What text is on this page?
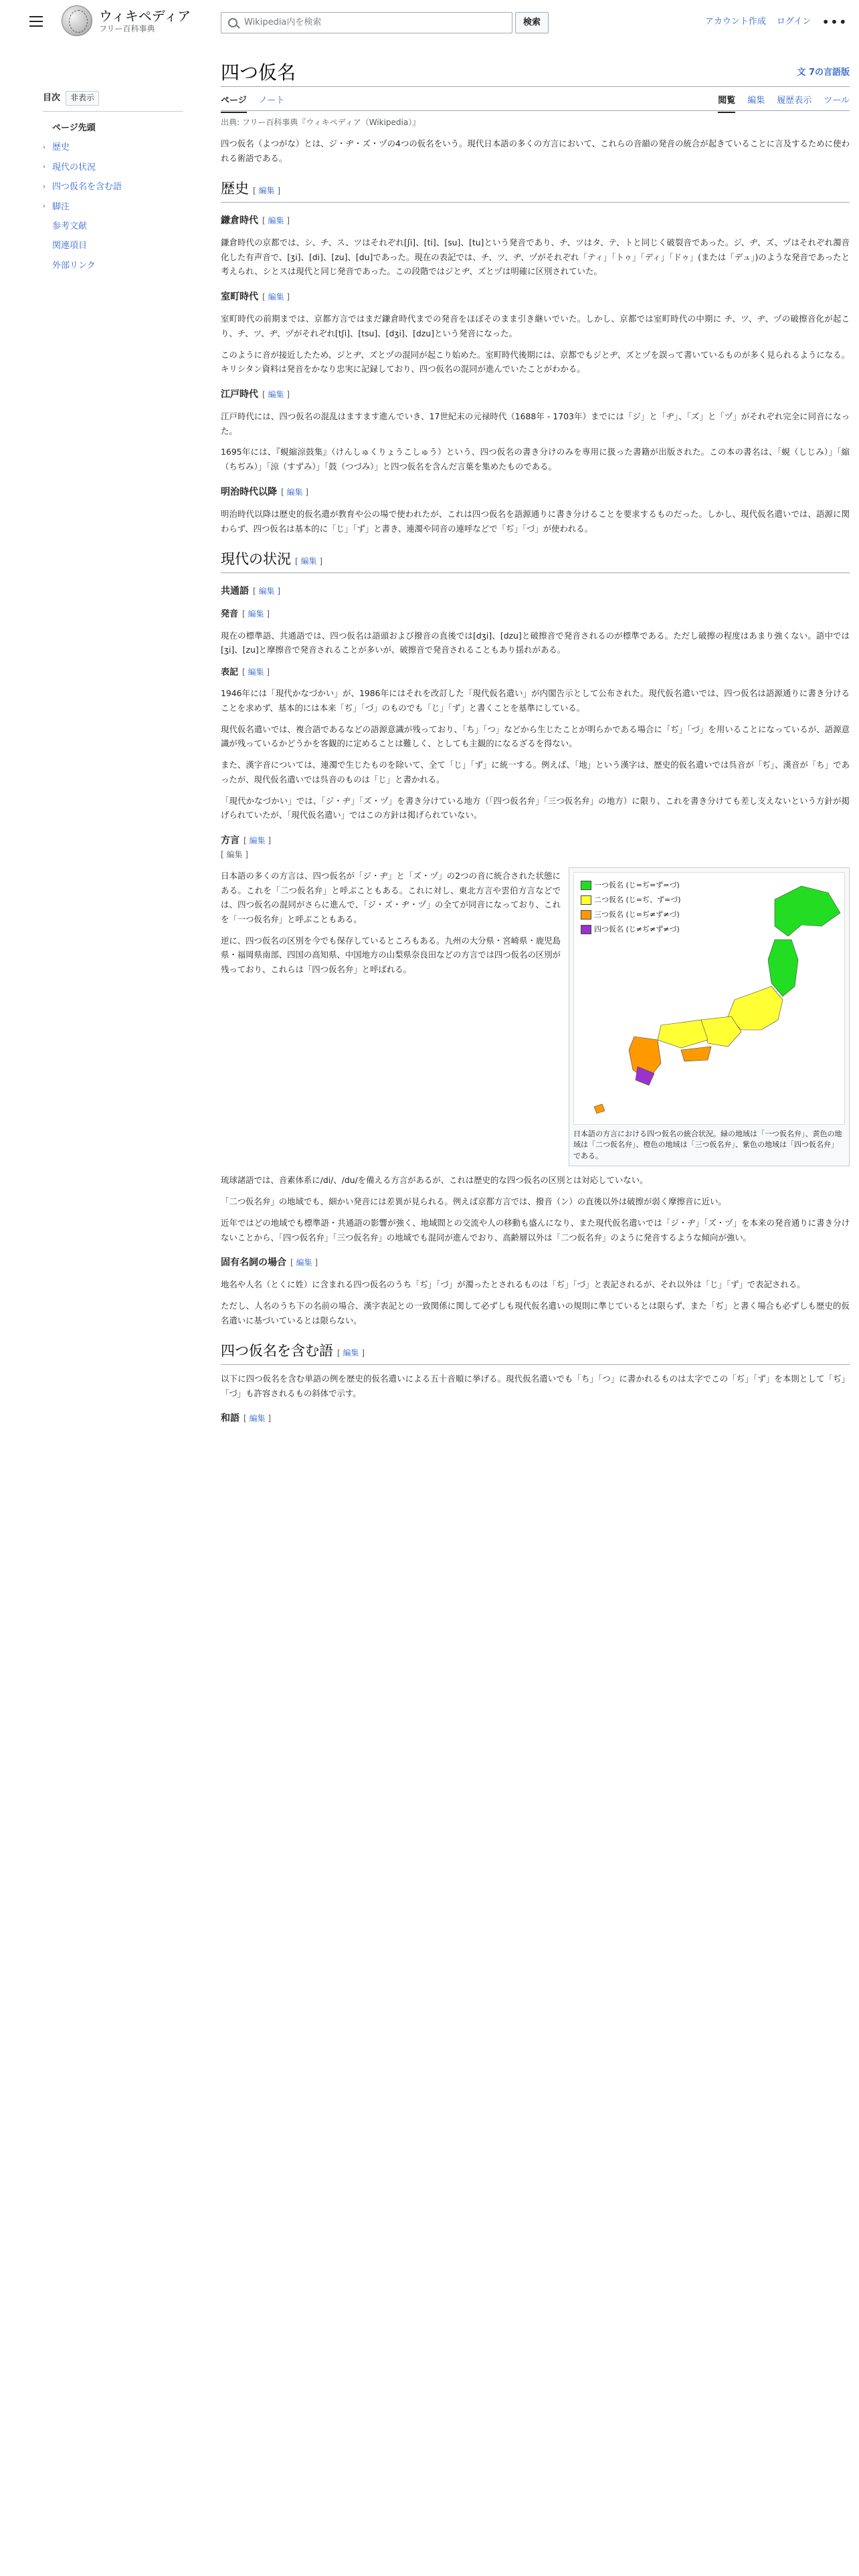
ウィキペディア
フリー百科事典
Wikipedia内を検索	検索	アカウント作成 ログイン •••
目次	非表示
ページ先頭
› 歴史
› 現代の状況
› 四つ仮名を含む語
› 脚注
参考文献
関連項目
外部リンク
四つ仮名	文 7の言語版
ページ ノート	閲覧 編集 履歴表示 ツール
出典: フリー百科事典『ウィキペディア（Wikipedia）』

四つ仮名（よつがな）とは、ジ・ヂ・ズ・ヅの4つの仮名をいう。現代日本語の多くの方言において、これらの音韻の発音の統合が起きていることに言及するために使われる術語である。

歴史 [ 編集 ]
鎌倉時代 [ 編集 ]

鎌倉時代の京都では、シ、チ、ス、ツはそれぞれ[ʃi]、[ti]、[su]、[tu]という発音であり、チ、ツはタ、テ、トと同じく破裂音であった。ジ、ヂ、ズ、ヅはそれぞれ濁音化した有声音で、[ʒi]、[di]、[zu]、[du]であった。現在の表記では、チ、ツ、ヂ、ヅがそれぞれ「ティ」「トゥ」「ディ」「ドゥ」(または「デュ」)のような発音であったと考えられ、シとスは現代と同じ発音であった。この段階ではジとヂ、ズとヅは明確に区別されていた。

室町時代 [ 編集 ]

室町時代の前期までは、京都方言ではまだ鎌倉時代までの発音をほぼそのまま引き継いでいた。しかし、京都では室町時代の中期に チ、ツ、ヂ、ヅの破擦音化が起こり、チ、ツ、ヂ、ヅがそれぞれ[tʃi]、[tsu]、[dʒi]、[dzu]という発音になった。

このように音が接近したため、ジとヂ、ズとヅの混同が起こり始めた。室町時代後期には、京都でもジとヂ、ズとヅを誤って書いているものが多く見られるようになる。キリシタン資料は発音をかなり忠実に記録しており、四つ仮名の混同が進んでいたことがわかる。

江戸時代 [ 編集 ]

江戸時代には、四つ仮名の混乱はますます進んでいき、17世紀末の元禄時代（1688年 - 1703年）までには「ジ」と「ヂ」、「ズ」と「ヅ」がそれぞれ完全に同音になった。

1695年には、『蜆縮涼鼓集』（けんしゅくりょうこしゅう）という、四つ仮名の書き分けのみを専用に扱った書籍が出版された。この本の書名は、「蜆（しじみ）」「縮（ちぢみ）」「涼（すずみ）」「鼓（つづみ）」と四つ仮名を含んだ言葉を集めたものである。

明治時代以降 [ 編集 ]

明治時代以降は歴史的仮名遣が教育や公の場で使われたが、これは四つ仮名を語源通りに書き分けることを要求するものだった。しかし、現代仮名遣いでは、語源に関わらず、四つ仮名は基本的に「じ」「ず」と書き、連濁や同音の連呼などで「ぢ」「づ」が使われる。

現代の状況 [ 編集 ]
共通語 [ 編集 ]
発音 [ 編集 ]

現在の標準語、共通語では、四つ仮名は語頭および撥音の直後では[dʒi]、[dzu]と破擦音で発音されるのが標準である。ただし破擦の程度はあまり強くない。語中では[ʒi]、[zu]と摩擦音で発音されることが多いが、破擦音で発音されることもあり揺れがある。

表記 [ 編集 ]

1946年には「現代かなづかい」が、1986年にはそれを改訂した「現代仮名遣い」が内閣告示として公布された。現代仮名遣いでは、四つ仮名は語源通りに書き分けることを求めず、基本的には本来「ぢ」「づ」のものでも「じ」「ず」と書くことを基準にしている。

現代仮名遣いでは、複合語であるなどの語源意識が残っており、「ち」「つ」などから生じたことが明らかである場合に「ぢ」「づ」を用いることになっているが、語源意識が残っているかどうかを客観的に定めることは難しく、としても主観的になるざるを得ない。

また、漢字音については、連濁で生じたものを除いて、全て「じ」「ず」に統一する。例えば、「地」という漢字は、歴史的仮名遣いでは呉音が「ぢ」、漢音が「ち」であったが、現代仮名遣いでは呉音のものは「じ」と書かれる。

「現代かなづかい」では、「ジ・ヂ」「ズ・ヅ」を書き分けている地方（「四つ仮名弁」「三つ仮名弁」の地方）に限り、これを書き分けても差し支えないという方針が掲げられていたが、「現代仮名遣い」ではこの方針は掲げられていない。

方言 [ 編集 ]
[ 編集 ]

日本語の多くの方言は、四つ仮名が「ジ・ヂ」と「ズ・ヅ」の2つの音に統合された状態にある。これを「二つ仮名弁」と呼ぶこともある。これに対し、東北方言や雲伯方言などでは、四つ仮名の混同がさらに進んで、「ジ・ズ・ヂ・ヅ」の全てが同音になっており、これを「一つ仮名弁」と呼ぶこともある。

逆に、四つ仮名の区別を今でも保存しているところもある。九州の大分県・宮崎県・鹿児島県・福岡県南部、四国の高知県、中国地方の山梨県奈良田などの方言では四つ仮名の区別が残っており、これらは「四つ仮名弁」と呼ばれる。

一つ仮名 (じ=ぢ=ず=づ)
二つ仮名 (じ=ぢ、ず=づ)
三つ仮名 (じ=ぢ≠ず≠づ)
四つ仮名 (じ≠ぢ≠ず≠づ)
日本語の方言における四つ仮名の統合状況。緑の地域は「一つ仮名弁」、黄色の地域は「二つ仮名弁」、橙色の地域は「三つ仮名弁」、紫色の地域は「四つ仮名弁」である。

琉球諸語では、音素体系に/di/、/du/を備える方言があるが、これは歴史的な四つ仮名の区別とは対応していない。

「二つ仮名弁」の地域でも、細かい発音には差異が見られる。例えば京都方言では、撥音（ン）の直後以外は破擦が弱く摩擦音に近い。

近年ではどの地域でも標準語・共通語の影響が強く、地域間との交流や人の移動も盛んになり、また現代仮名遣いでは「ジ・ヂ」「ズ・ヅ」を本来の発音通りに書き分けないことから、「四つ仮名弁」「三つ仮名弁」の地域でも混同が進んでおり、高齢層以外は「二つ仮名弁」のように発音するような傾向が強い。

固有名詞の場合 [ 編集 ]

地名や人名（とくに姓）に含まれる四つ仮名のうち「ぢ」「づ」が濁ったとされるものは「ぢ」「づ」と表記されるが、それ以外は「じ」「ず」で表記される。

ただし、人名のうち下の名前の場合、漢字表記との一致関係に関して必ずしも現代仮名遣いの規則に準じているとは限らず、また「ぢ」と書く場合も必ずしも歴史的仮名遣いに基づいているとは限らない。

四つ仮名を含む語 [ 編集 ]

以下に四つ仮名を含む単語の例を歴史的仮名遣いによる五十音順に挙げる。現代仮名遣いでも「ち」「つ」に書かれるものは太字でこの「ぢ」「ず」を本則として「ぢ」「づ」も許容されるもの斜体で示す。

和語 [ 編集 ]
